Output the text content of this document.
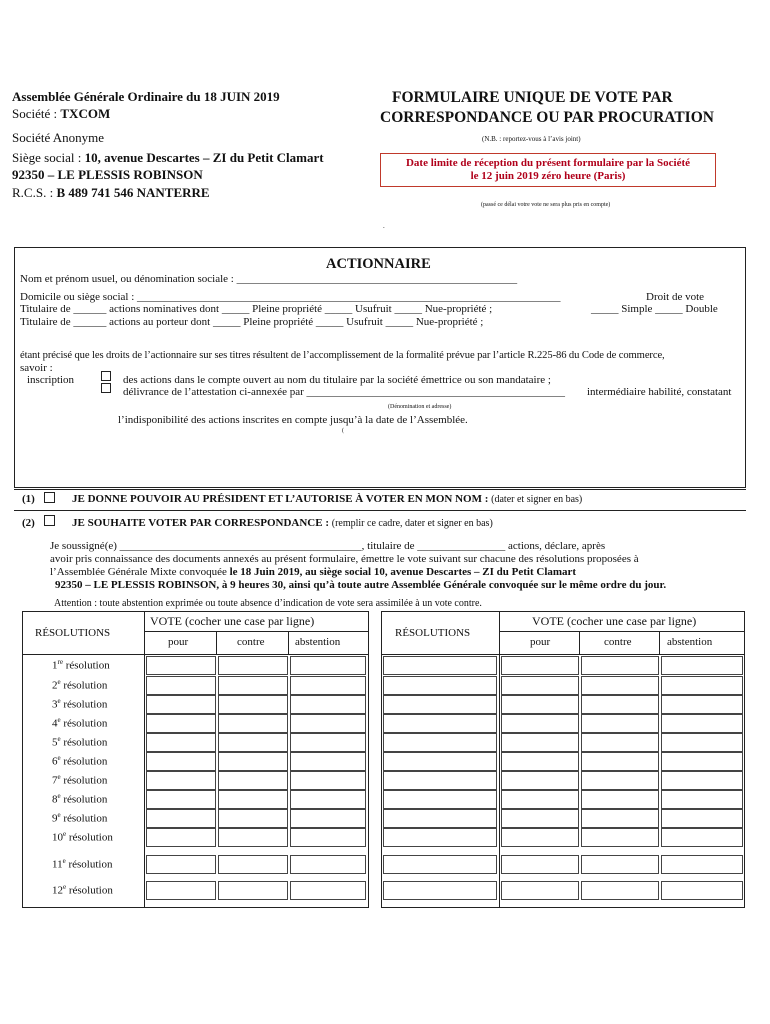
Assemblée Générale Ordinaire du 18 JUIN 2019
Société : TXCOM
Société Anonyme
Siège social : 10, avenue Descartes – ZI du Petit Clamart
92350 – LE PLESSIS ROBINSON
R.C.S. : B 489 741 546 NANTERRE
FORMULAIRE UNIQUE DE VOTE PAR
CORRESPONDANCE OU PAR PROCURATION
(N.B. : reportez-vous à l’avis joint)
Date limite de réception du présent formulaire par la Société
le 12 juin 2019 zéro heure (Paris)
(passé ce délai votre vote ne sera plus pris en compte)
.
ACTIONNAIRE
Nom et prénom usuel, ou dénomination sociale : ___________________________________________________
Domicile ou siège social : _____________________________________________________________________________	Droit de vote
Titulaire de ______ actions nominatives dont _____ Pleine propriété _____ Usufruit _____ Nue-propriété ;	_____ Simple _____ Double
Titulaire de ______ actions au porteur dont _____ Pleine propriété _____ Usufruit _____ Nue-propriété ;
étant précisé que les droits de l’actionnaire sur ses titres résultent de l’accomplissement de la formalité prévue par l’article R.225-86 du Code de commerce,
savoir :
inscription	des actions dans le compte ouvert au nom du titulaire par la société émettrice ou son mandataire ;
délivrance de l’attestation ci-annexée par _______________________________________________ intermédiaire habilité, constatant
(Dénomination et adresse)
l’indisponibilité des actions inscrites en compte jusqu’à la date de l’Assemblée.
(
(1)	JE DONNE POUVOIR AU PRÉSIDENT ET L’AUTORISE À VOTER EN MON NOM : (dater et signer en bas)
(2)	JE SOUHAITE VOTER PAR CORRESPONDANCE : (remplir ce cadre, dater et signer en bas)
Je soussigné(e) ____________________________________________, titulaire de ________________ actions, déclare, après
avoir pris connaissance des documents annexés au présent formulaire, émettre le vote suivant sur chacune des résolutions proposées à
l’Assemblée Générale Mixte convoquée le 18 Juin 2019, au siège social 10, avenue Descartes – ZI du Petit Clamart
92350 – LE PLESSIS ROBINSON, à 9 heures 30, ainsi qu’à toute autre Assemblée Générale convoquée sur le même ordre du jour.
Attention : toute abstention exprimée ou toute absence d’indication de vote sera assimilée à un vote contre.
RÉSOLUTIONS
VOTE (cocher une case par ligne)
pour	contre	abstention
1re résolution
2e résolution
3e résolution
4e résolution
5e résolution
6e résolution
7e résolution
8e résolution
9e résolution
10e résolution
11e résolution
12e résolution
RÉSOLUTIONS
VOTE (cocher une case par ligne)
pour	contre	abstention
